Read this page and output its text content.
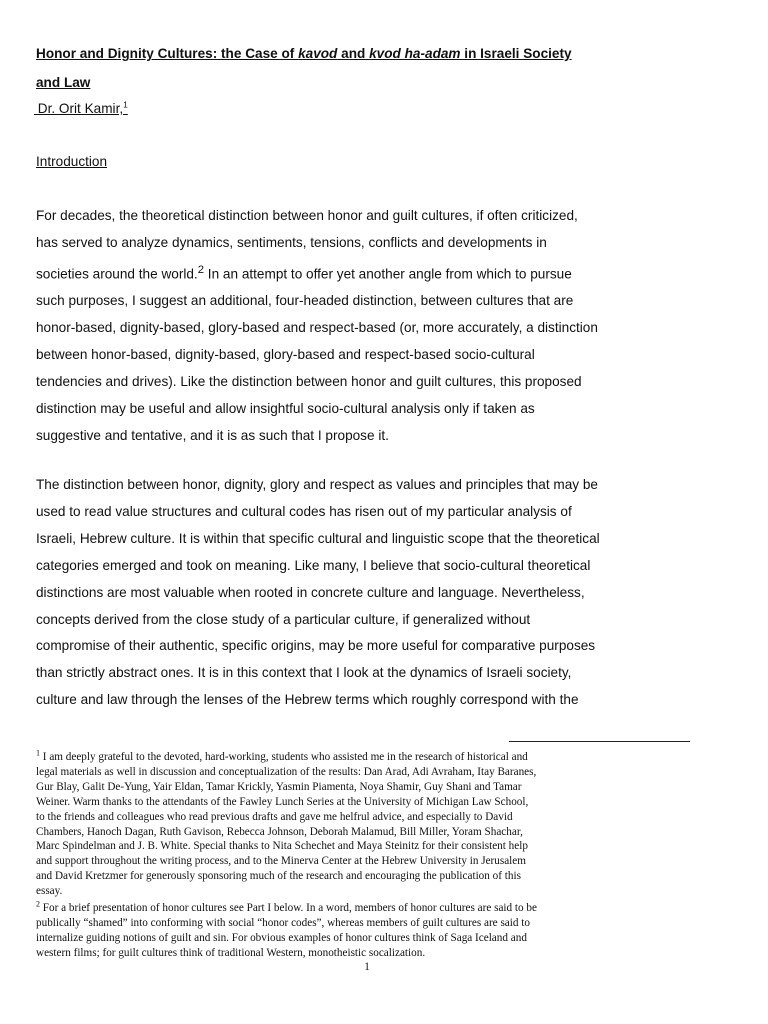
Honor and Dignity Cultures: the Case of kavod and kvod ha-adam in Israeli Society
and Law
Dr. Orit Kamir,$^1$
Introduction
For decades, the theoretical distinction between honor and guilt cultures, if often criticized,
has served to analyze dynamics, sentiments, tensions, conflicts and developments in
societies around the world.$^2$ In an attempt to offer yet another angle from which to pursue
such purposes, I suggest an additional, four-headed distinction, between cultures that are
honor-based, dignity-based, glory-based and respect-based (or, more accurately, a distinction
between honor-based, dignity-based, glory-based and respect-based socio-cultural
tendencies and drives). Like the distinction between honor and guilt cultures, this proposed
distinction may be useful and allow insightful socio-cultural analysis only if taken as
suggestive and tentative, and it is as such that I propose it.
The distinction between honor, dignity, glory and respect as values and principles that may be
used to read value structures and cultural codes has risen out of my particular analysis of
Israeli, Hebrew culture. It is within that specific cultural and linguistic scope that the theoretical
categories emerged and took on meaning. Like many, I believe that socio-cultural theoretical
distinctions are most valuable when rooted in concrete culture and language. Nevertheless,
concepts derived from the close study of a particular culture, if generalized without
compromise of their authentic, specific origins, may be more useful for comparative purposes
than strictly abstract ones. It is in this context that I look at the dynamics of Israeli society,
culture and law through the lenses of the Hebrew terms which roughly correspond with the
$^1$ I am deeply grateful to the devoted, hard-working, students who assisted me in the research of historical and
legal materials as well in discussion and conceptualization of the results: Dan Arad, Adi Avraham, Itay Baranes,
Gur Blay, Galit De-Yung, Yair Eldan, Tamar Krickly, Yasmin Piamenta, Noya Shamir, Guy Shani and Tamar
Weiner. Warm thanks to the attendants of the Fawley Lunch Series at the University of Michigan Law School,
to the friends and colleagues who read previous drafts and gave me helfrul advice, and especially to David
Chambers, Hanoch Dagan, Ruth Gavison, Rebecca Johnson, Deborah Malamud, Bill Miller, Yoram Shachar,
Marc Spindelman and J. B. White. Special thanks to Nita Schechet and Maya Steinitz for their consistent help
and support throughout the writing process, and to the Minerva Center at the Hebrew University in Jerusalem
and David Kretzmer for generously sponsoring much of the research and encouraging the publication of this
essay.
$^2$ For a brief presentation of honor cultures see Part I below. In a word, members of honor cultures are said to be
publically “shamed” into conforming with social “honor codes”, whereas members of guilt cultures are said to
internalize guiding notions of guilt and sin. For obvious examples of honor cultures think of Saga Iceland and
western films; for guilt cultures think of traditional Western, monotheistic socalization.
1
